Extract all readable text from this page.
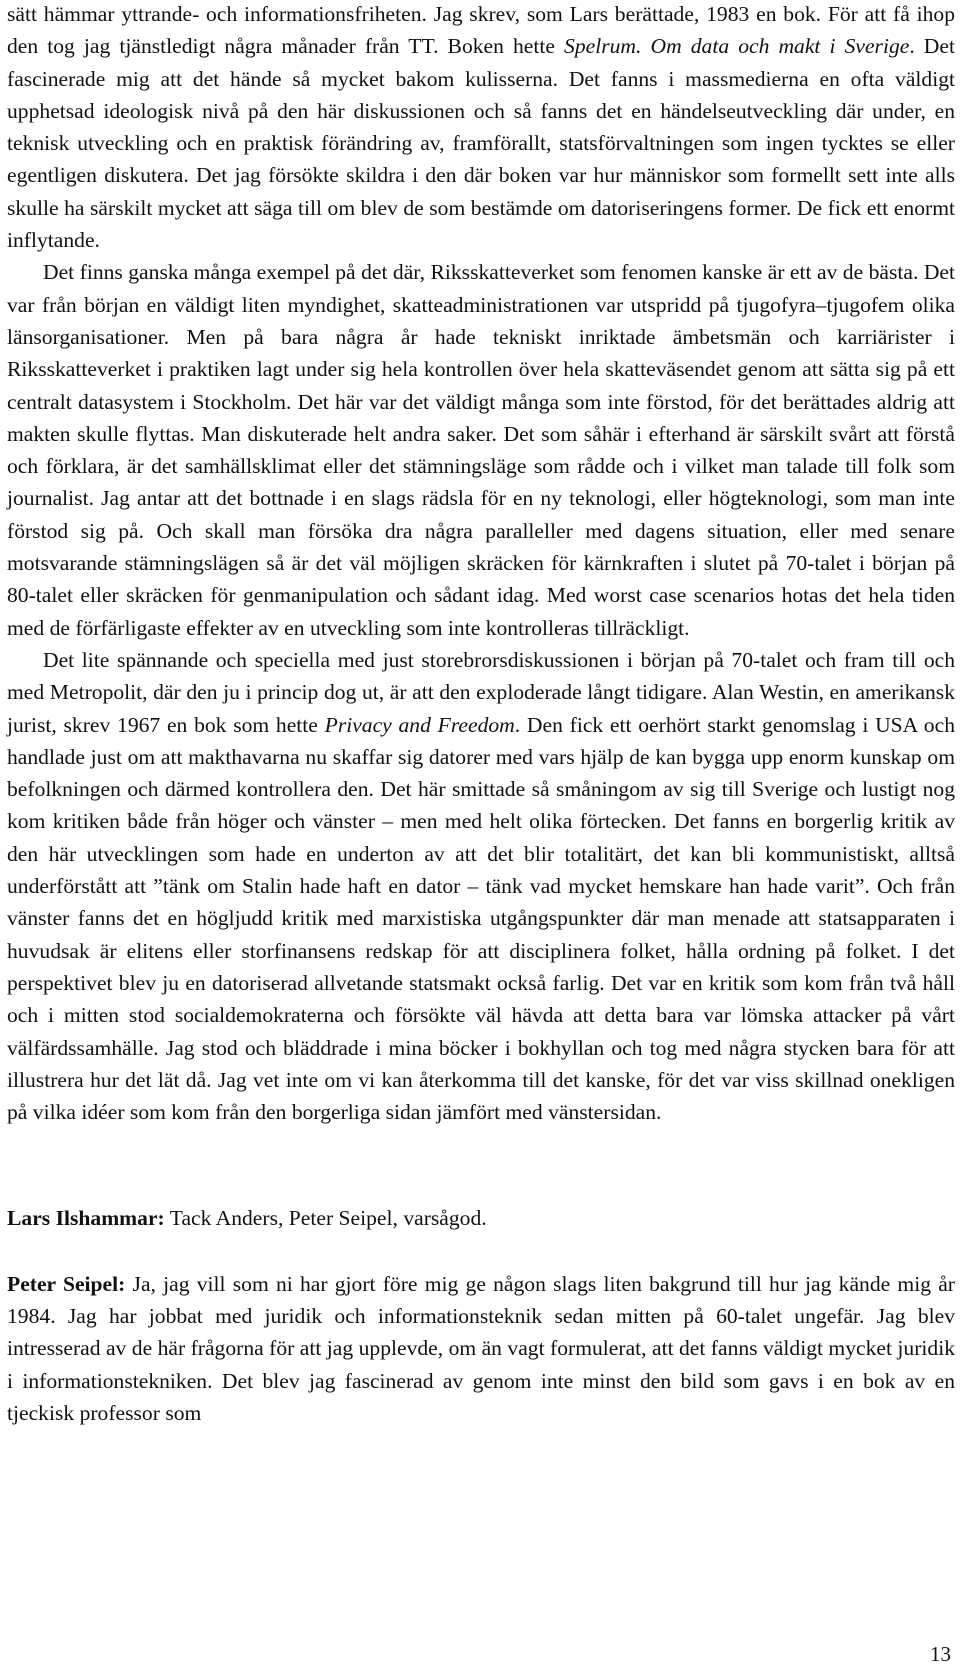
sätt hämmar yttrande- och informationsfriheten. Jag skrev, som Lars berättade, 1983 en bok. För att få ihop den tog jag tjänstledigt några månader från TT. Boken hette Spelrum. Om data och makt i Sverige. Det fascinerade mig att det hände så mycket bakom kulisserna. Det fanns i massmedierna en ofta väldigt upphetsad ideologisk nivå på den här diskussionen och så fanns det en händelseutveckling där under, en teknisk utveckling och en praktisk förändring av, framförallt, statsförvaltningen som ingen tycktes se eller egentligen diskutera. Det jag försökte skildra i den där boken var hur människor som formellt sett inte alls skulle ha särskilt mycket att säga till om blev de som bestämde om datoriseringens former. De fick ett enormt inflytande.

Det finns ganska många exempel på det där, Riksskatteverket som fenomen kanske är ett av de bästa. Det var från början en väldigt liten myndighet, skatteadministrationen var utspridd på tjugofyra–tjugofem olika länsorganisationer. Men på bara några år hade tekniskt inriktade ämbetsmän och karriärister i Riksskatteverket i praktiken lagt under sig hela kontrollen över hela skatteväsendet genom att sätta sig på ett centralt datasystem i Stockholm. Det här var det väldigt många som inte förstod, för det berättades aldrig att makten skulle flyttas. Man diskuterade helt andra saker. Det som såhär i efterhand är särskilt svårt att förstå och förklara, är det samhällsklimat eller det stämningsläge som rådde och i vilket man talade till folk som journalist. Jag antar att det bottnade i en slags rädsla för en ny teknologi, eller högteknologi, som man inte förstod sig på. Och skall man försöka dra några paralleller med dagens situation, eller med senare motsvarande stämningslägen så är det väl möjligen skräcken för kärnkraften i slutet på 70-talet i början på 80-talet eller skräcken för genmanipulation och sådant idag. Med worst case scenarios hotas det hela tiden med de förfärligaste effekter av en utveckling som inte kontrolleras tillräckligt.

Det lite spännande och speciella med just storebrorsdiskussionen i början på 70-talet och fram till och med Metropolit, där den ju i princip dog ut, är att den exploderade långt tidigare. Alan Westin, en amerikansk jurist, skrev 1967 en bok som hette Privacy and Freedom. Den fick ett oerhört starkt genomslag i USA och handlade just om att makthavarna nu skaffar sig datorer med vars hjälp de kan bygga upp enorm kunskap om befolkningen och därmed kontrollera den. Det här smittade så småningom av sig till Sverige och lustigt nog kom kritiken både från höger och vänster – men med helt olika förtecken. Det fanns en borgerlig kritik av den här utvecklingen som hade en underton av att det blir totalitärt, det kan bli kommunistiskt, alltså underförstått att ”tänk om Stalin hade haft en dator – tänk vad mycket hemskare han hade varit”. Och från vänster fanns det en högljudd kritik med marxistiska utgångspunkter där man menade att statsapparaten i huvudsak är elitens eller storfinansens redskap för att disciplinera folket, hålla ordning på folket. I det perspektivet blev ju en datoriserad allvetande statsmakt också farlig. Det var en kritik som kom från två håll och i mitten stod socialdemokraterna och försökte väl hävda att detta bara var lömska attacker på vårt välfärdssamhälle. Jag stod och bläddrade i mina böcker i bokhyllan och tog med några stycken bara för att illustrera hur det lät då. Jag vet inte om vi kan återkomma till det kanske, för det var viss skillnad onekligen på vilka idéer som kom från den borgerliga sidan jämfört med vänstersidan.

Lars Ilshammar: Tack Anders, Peter Seipel, varsågod.

Peter Seipel: Ja, jag vill som ni har gjort före mig ge någon slags liten bakgrund till hur jag kände mig år 1984. Jag har jobbat med juridik och informationsteknik sedan mitten på 60-talet ungefär. Jag blev intresserad av de här frågorna för att jag upplevde, om än vagt formulerat, att det fanns väldigt mycket juridik i informationstekniken. Det blev jag fascinerad av genom inte minst den bild som gavs i en bok av en tjeckisk professor som

13
